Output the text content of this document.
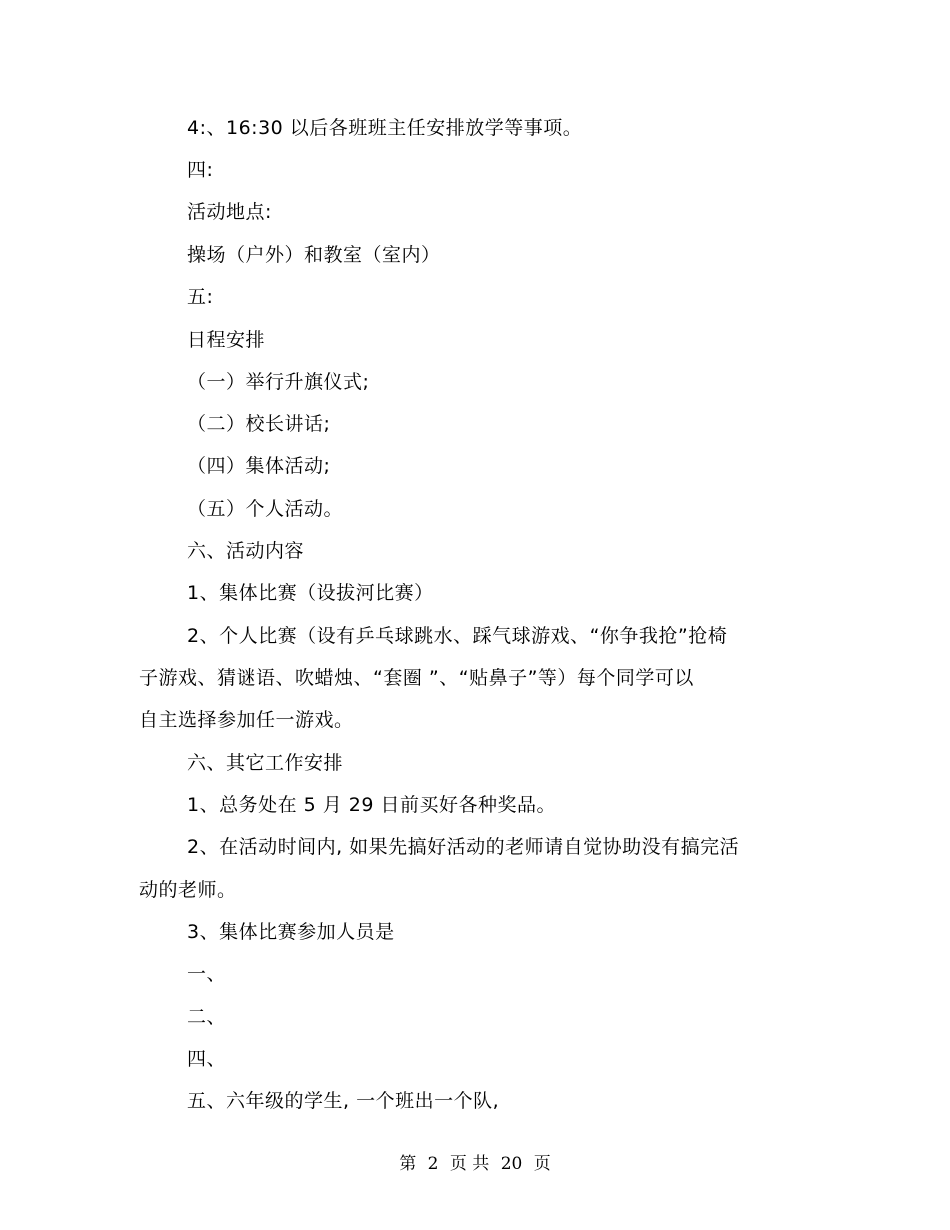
4:、16:30 以后各班班主任安排放学等事项。
四:
活动地点:
操场（户外）和教室（室内）
五:
日程安排
（一）举行升旗仪式;
（二）校长讲话;
（四）集体活动;
（五）个人活动。
六、活动内容
1、集体比赛（设拔河比赛）
2、个人比赛（设有乒乓球跳水、踩气球游戏、“你争我抢”抢椅
子游戏、猜谜语、吹蜡烛、“套圈 ”、“贴鼻子”等）每个同学可以
自主选择参加任一游戏。
六、其它工作安排
1、总务处在 5 月 29 日前买好各种奖品。
2、在活动时间内, 如果先搞好活动的老师请自觉协助没有搞完活
动的老师。
3、集体比赛参加人员是
一、
二、
四、
五、六年级的学生, 一个班出一个队,
第 2 页 共 20 页
